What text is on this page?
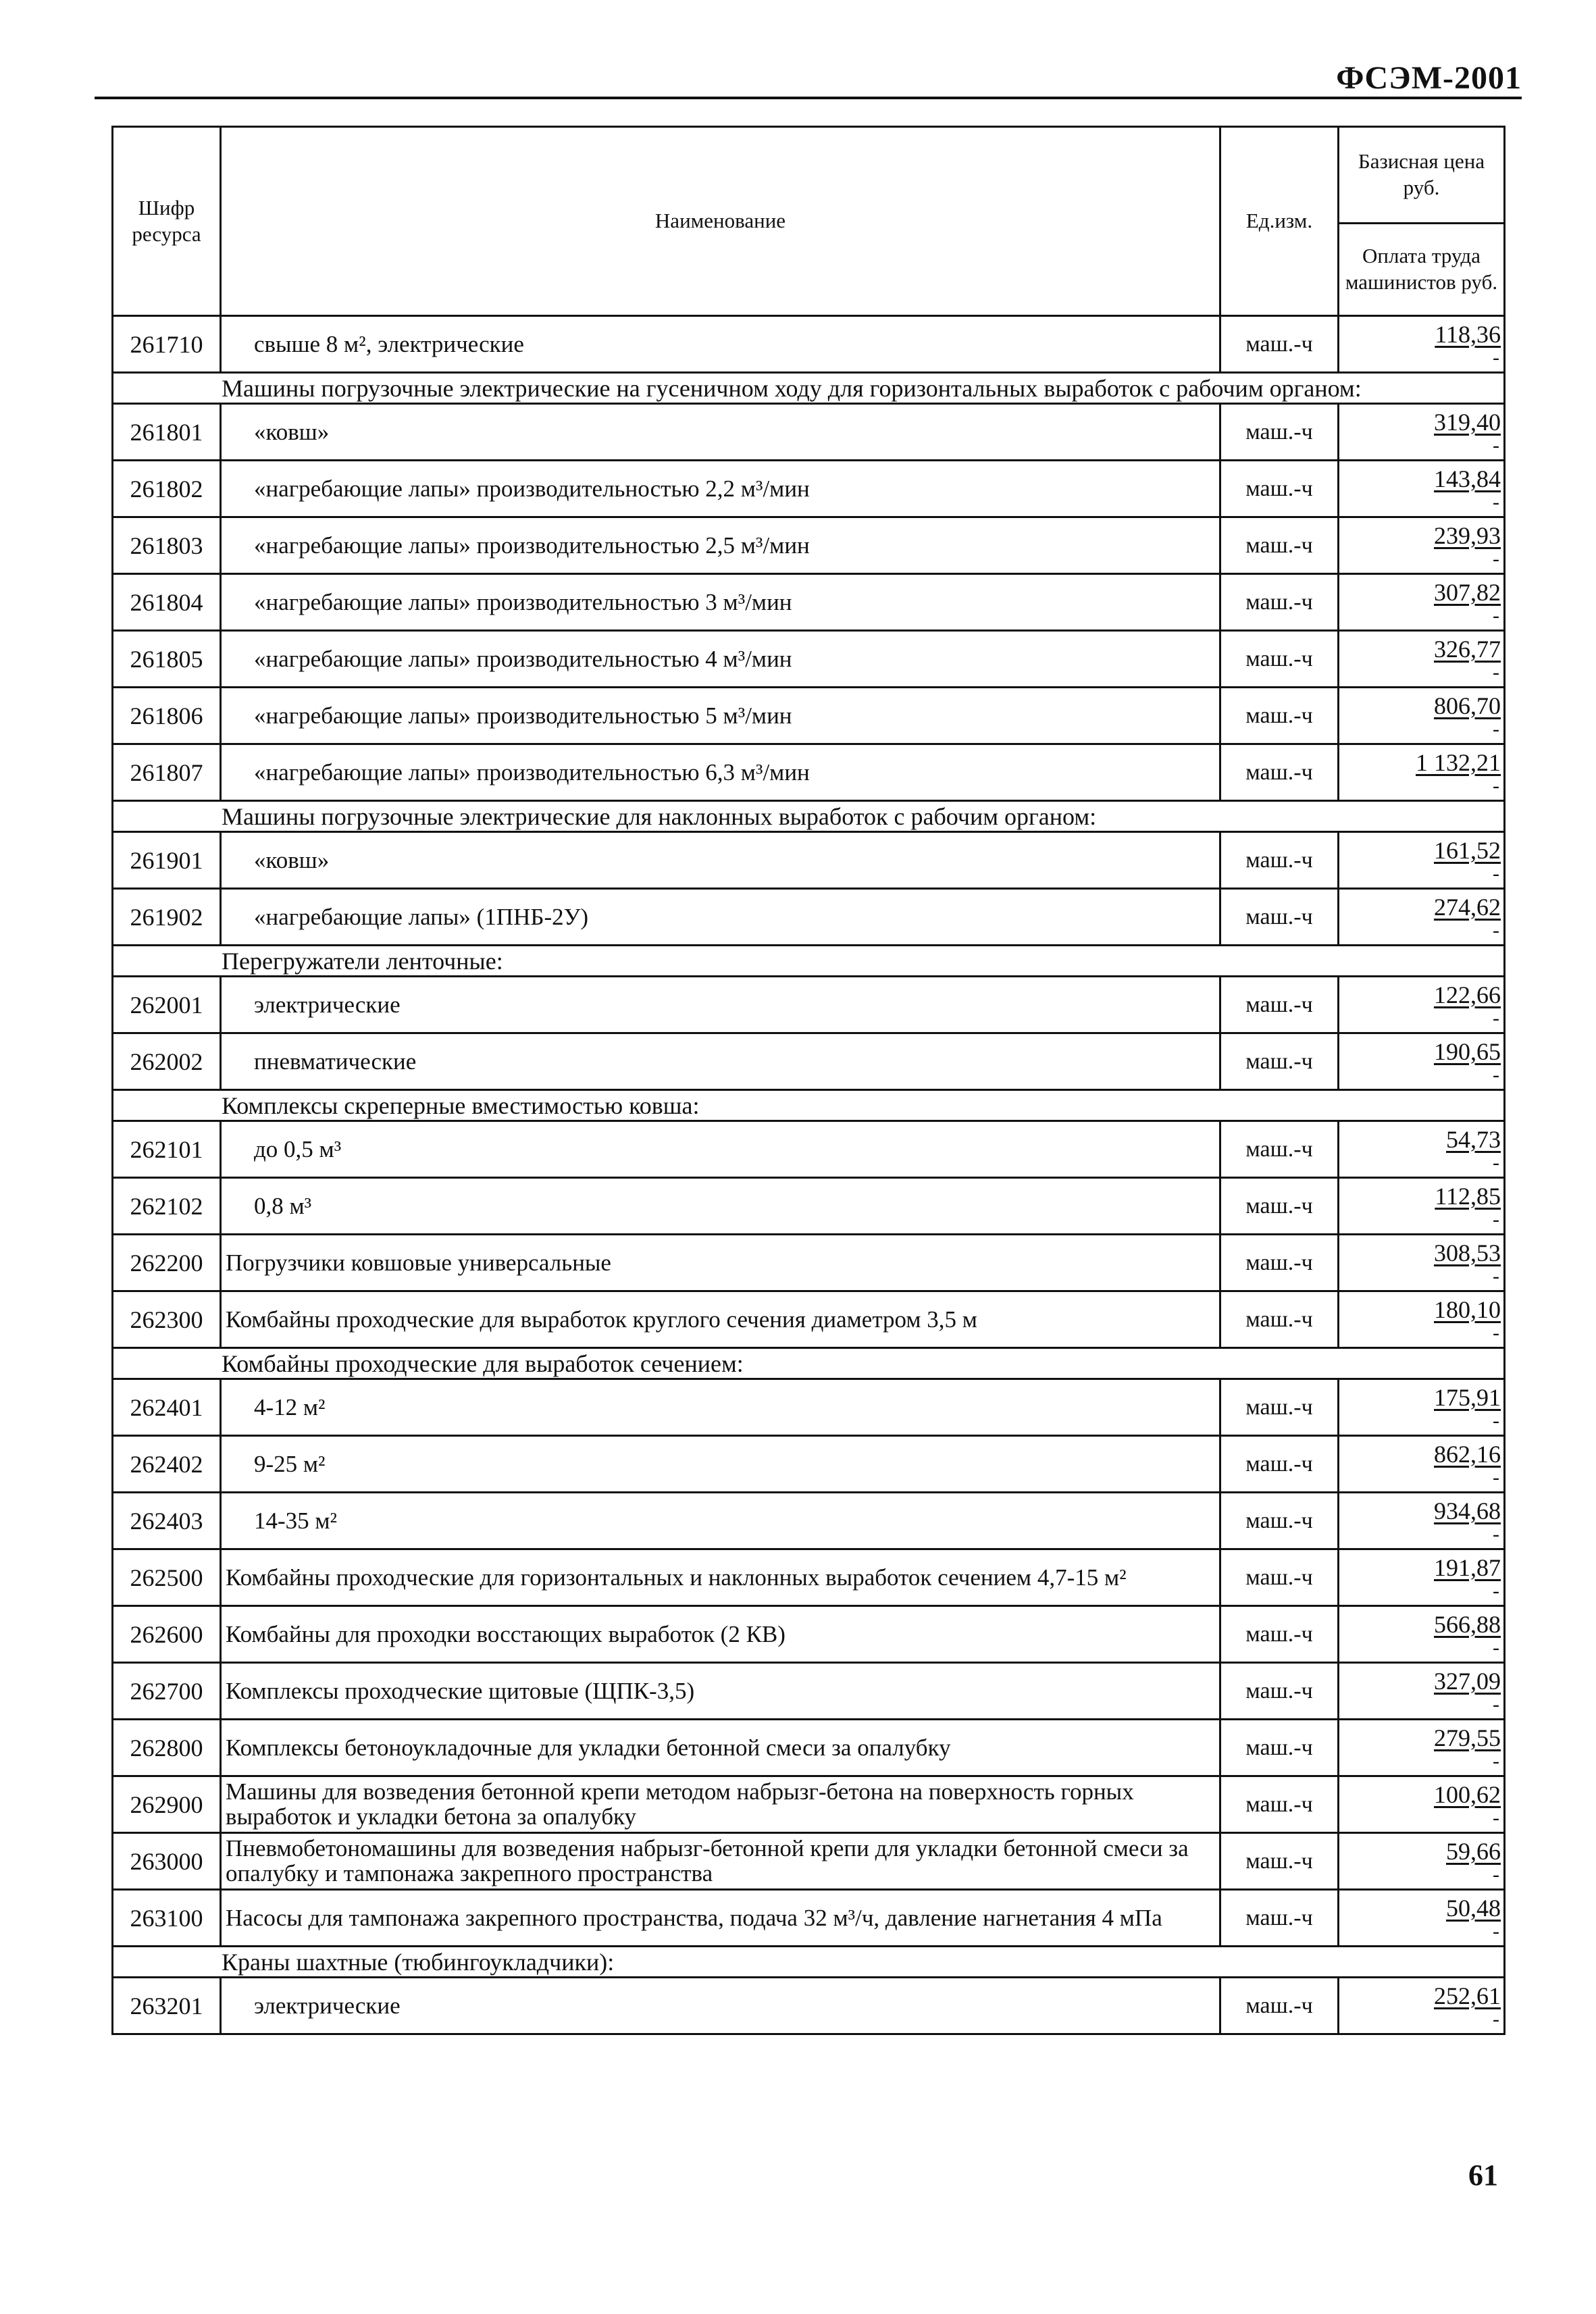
ФСЭМ-2001
Шифр ресурса	Наименование	Ед.изм.	Базисная цена руб.
			Оплата труда машинистов руб.
261710	свыше 8 м², электрические	маш.-ч	118,36
-

Машины погрузочные электрические на гусеничном ходу для горизонтальных выработок с рабочим органом:			
261801	«ковш»	маш.-ч	319,40
-

261802	«нагребающие лапы» производительностью 2,2 м³/мин	маш.-ч	143,84
-

261803	«нагребающие лапы» производительностью 2,5 м³/мин	маш.-ч	239,93
-

261804	«нагребающие лапы» производительностью 3 м³/мин	маш.-ч	307,82
-

261805	«нагребающие лапы» производительностью 4 м³/мин	маш.-ч	326,77
-

261806	«нагребающие лапы» производительностью 5 м³/мин	маш.-ч	806,70
-

261807	«нагребающие лапы» производительностью 6,3 м³/мин	маш.-ч	1 132,21
-

Машины погрузочные электрические для наклонных выработок с рабочим органом:			
261901	«ковш»	маш.-ч	161,52
-

261902	«нагребающие лапы» (1ПНБ-2У)	маш.-ч	274,62
-

Перегружатели ленточные:			
262001	электрические	маш.-ч	122,66
-

262002	пневматические	маш.-ч	190,65
-

Комплексы скреперные вместимостью ковша:			
262101	до 0,5 м³	маш.-ч	54,73
-

262102	0,8 м³	маш.-ч	112,85
-

262200	Погрузчики ковшовые универсальные	маш.-ч	308,53
-

262300	Комбайны проходческие для выработок круглого сечения диаметром 3,5 м	маш.-ч	180,10
-

Комбайны проходческие для выработок сечением:			
262401	4-12 м²	маш.-ч	175,91
-

262402	9-25 м²	маш.-ч	862,16
-

262403	14-35 м²	маш.-ч	934,68
-

262500	Комбайны проходческие для горизонтальных и наклонных выработок сечением 4,7-15 м²	маш.-ч	191,87
-

262600	Комбайны для проходки восстающих выработок (2 КВ)	маш.-ч	566,88
-

262700	Комплексы проходческие щитовые (ЩПК-3,5)	маш.-ч	327,09
-

262800	Комплексы бетоноукладочные для укладки бетонной смеси за опалубку	маш.-ч	279,55
-

262900	Машины для возведения бетонной крепи методом набрызг-бетона на поверхность горных выработок и укладки бетона за опалубку	маш.-ч	100,62
-

263000	Пневмобетономашины для возведения набрызг-бетонной крепи для укладки бетонной смеси за опалубку и тампонажа закрепного пространства	маш.-ч	59,66
-

263100	Насосы для тампонажа закрепного пространства, подача 32 м³/ч, давление нагнетания 4 мПа	маш.-ч	50,48
-

Краны шахтные (тюбингоукладчики):			
263201	электрические	маш.-ч	252,61
-
61
